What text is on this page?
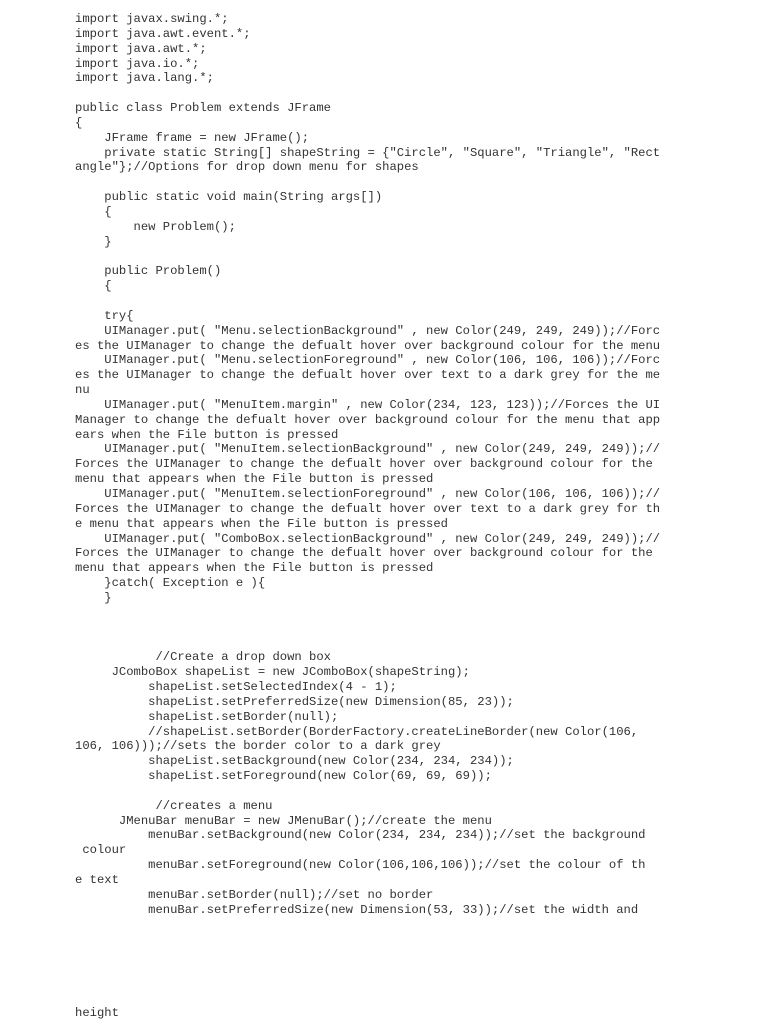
import javax.swing.*;
import java.awt.event.*;
import java.awt.*;
import java.io.*;
import java.lang.*;
public class Problem extends JFrame
{
JFrame frame = new JFrame();
private static String[] shapeString = {"Circle", "Square", "Triangle", "Rect
angle"};//Options for drop down menu for shapes
public static void main(String args[])
{
new Problem();
}
public Problem()
{
try{
UIManager.put( "Menu.selectionBackground" , new Color(249, 249, 249));//Forc
es the UIManager to change the defualt hover over background colour for the menu
UIManager.put( "Menu.selectionForeground" , new Color(106, 106, 106));//Forc
es the UIManager to change the defualt hover over text to a dark grey for the me
nu
UIManager.put( "MenuItem.margin" , new Color(234, 123, 123));//Forces the UI
Manager to change the defualt hover over background colour for the menu that app
ears when the File button is pressed
UIManager.put( "MenuItem.selectionBackground" , new Color(249, 249, 249));//
Forces the UIManager to change the defualt hover over background colour for the
menu that appears when the File button is pressed
UIManager.put( "MenuItem.selectionForeground" , new Color(106, 106, 106));//
Forces the UIManager to change the defualt hover over text to a dark grey for th
e menu that appears when the File button is pressed
UIManager.put( "ComboBox.selectionBackground" , new Color(249, 249, 249));//
Forces the UIManager to change the defualt hover over background colour for the
menu that appears when the File button is pressed
}catch( Exception e ){
}
//Create a drop down box
JComboBox shapeList = new JComboBox(shapeString);
shapeList.setSelectedIndex(4 - 1);
shapeList.setPreferredSize(new Dimension(85, 23));
shapeList.setBorder(null);
//shapeList.setBorder(BorderFactory.createLineBorder(new Color(106,
106, 106)));//sets the border color to a dark grey
shapeList.setBackground(new Color(234, 234, 234));
shapeList.setForeground(new Color(69, 69, 69));
//creates a menu
JMenuBar menuBar = new JMenuBar();//create the menu
menuBar.setBackground(new Color(234, 234, 234));//set the background
colour
menuBar.setForeground(new Color(106,106,106));//set the colour of th
e text
menuBar.setBorder(null);//set no border
menuBar.setPreferredSize(new Dimension(53, 33));//set the width and
height
